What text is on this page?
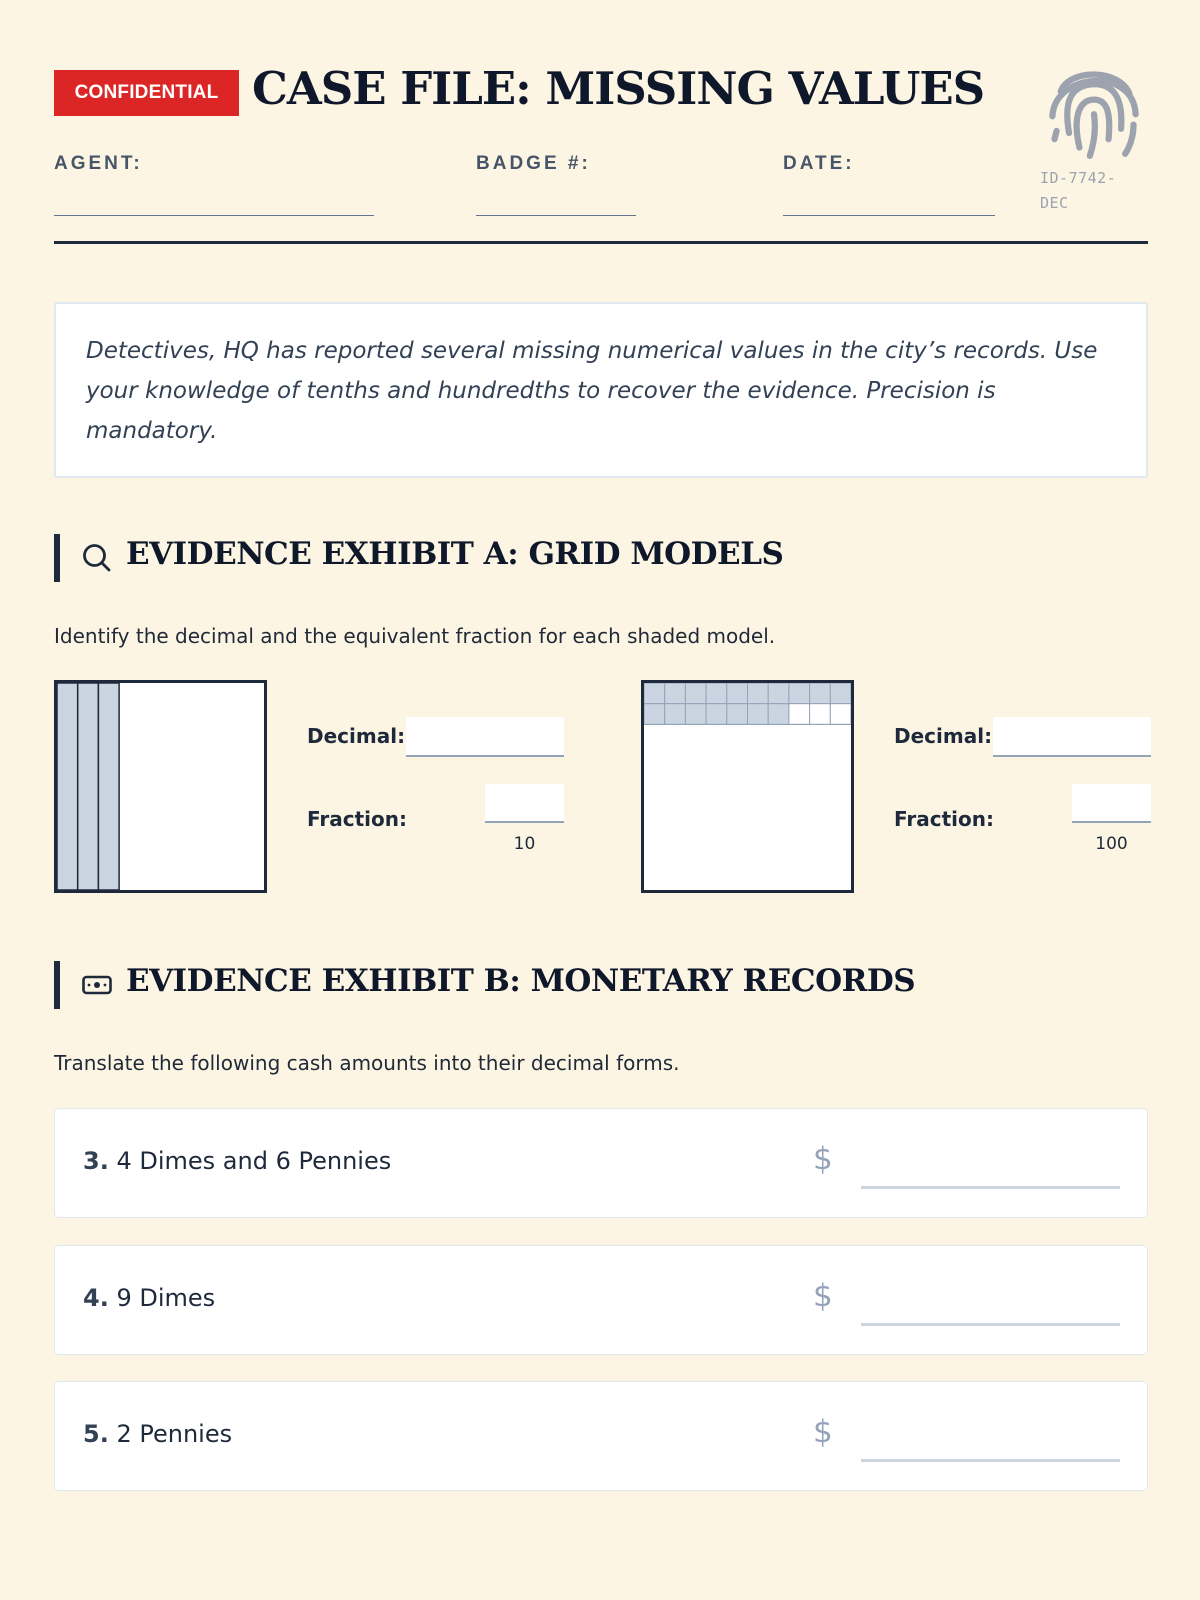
CONFIDENTIAL CASE FILE: MISSING VALUES
AGENT:	BADGE #:	DATE:
ID-7742-
DEC
Detectives, HQ has reported several missing numerical values in the city’s records. Use your knowledge of tenths and hundredths to recover the evidence. Precision is mandatory.
EVIDENCE EXHIBIT A: GRID MODELS
Identify the decimal and the equivalent fraction for each shaded model.
Decimal:
Fraction:
10
Decimal:
Fraction:
100
EVIDENCE EXHIBIT B: MONETARY RECORDS
Translate the following cash amounts into their decimal forms.
3. 4 Dimes and 6 Pennies	$
4. 9 Dimes	$
5. 2 Pennies	$
